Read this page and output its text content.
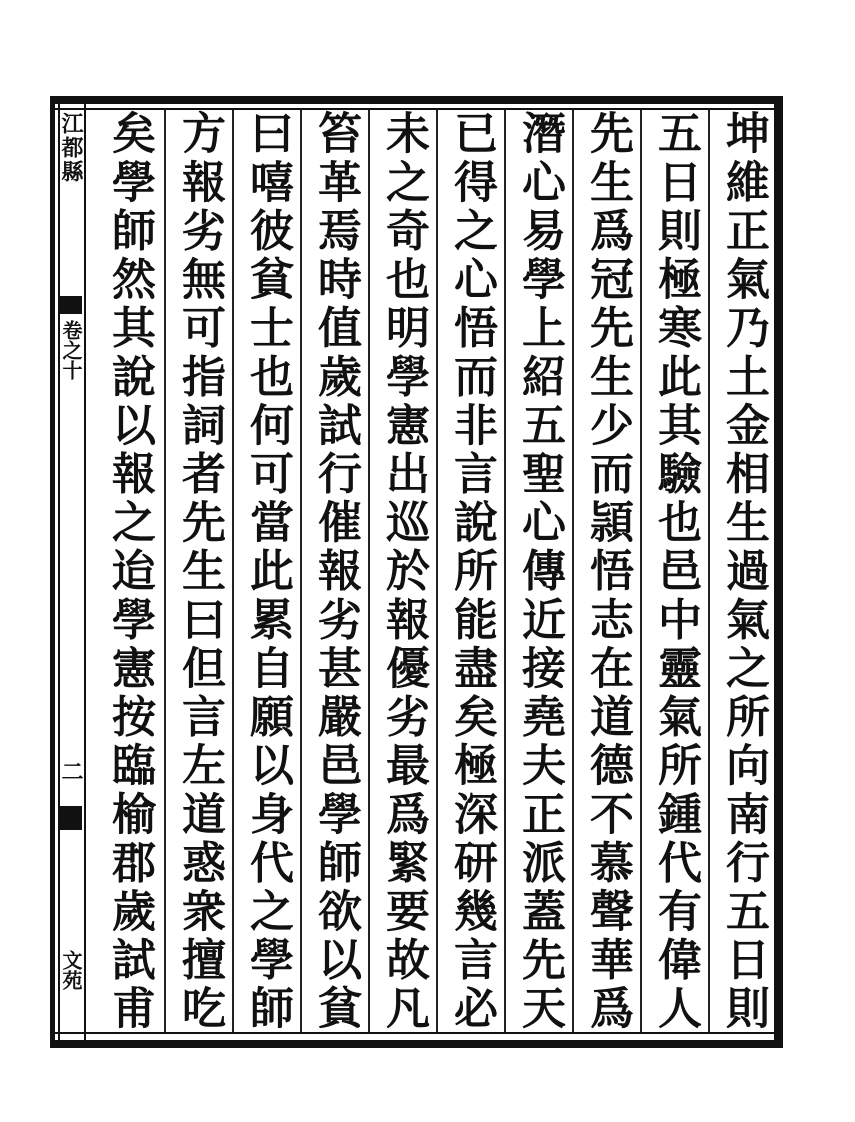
江都縣
卷之十
二
文苑
坤維正氣乃土金相生過氣之所向南行五日則
五日則極寒此其驗也邑中靈氣所鍾代有偉人
先生爲冠先生少而頴悟志在道德不慕聲華爲
潛心易學上紹五聖心傳近接堯夫正派蓋先天
已得之心悟而非言說所能盡矣極深研幾言必
未之奇也明學憲出巡於報優劣最爲緊要故凡
笞革焉時值歲試行催報劣甚嚴邑學師欲以貧
曰嘻彼貧士也何可當此累自願以身代之學師
方報劣無可指詞者先生曰但言左道惑衆擅吃
矣學師然其說以報之迨學憲按臨榆郡歲試甫
